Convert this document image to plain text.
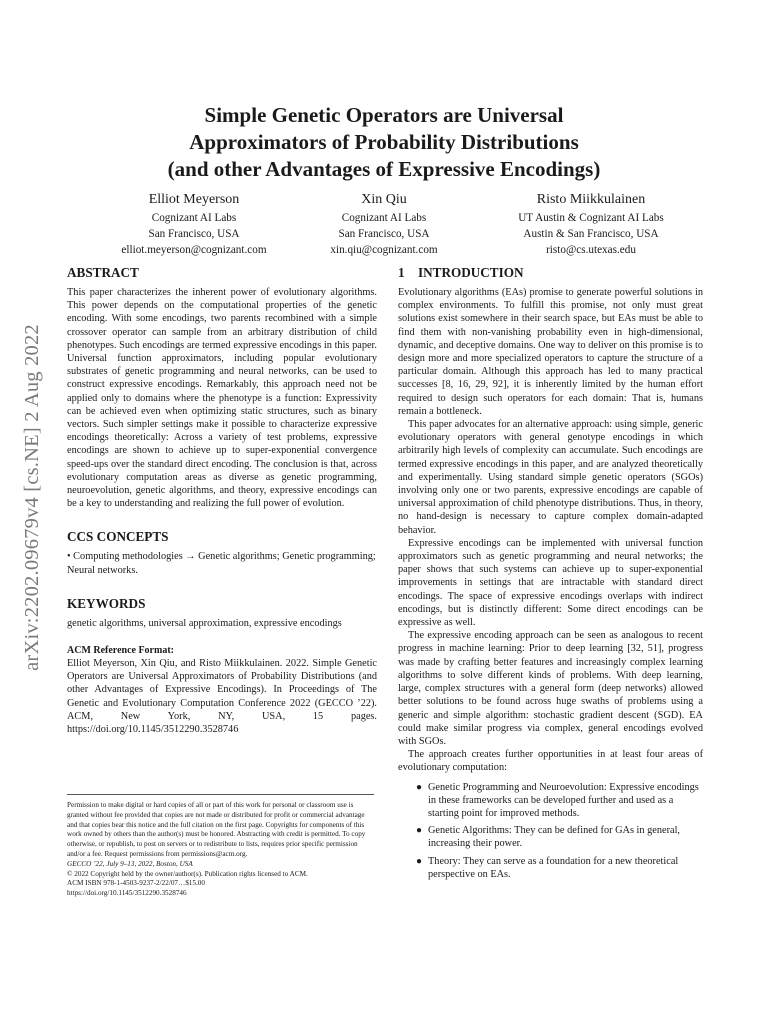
arXiv:2202.09679v4 [cs.NE] 2 Aug 2022
Simple Genetic Operators are Universal
Approximators of Probability Distributions
(and other Advantages of Expressive Encodings)
Elliot Meyerson
Cognizant AI Labs
San Francisco, USA
elliot.meyerson@cognizant.com
Xin Qiu
Cognizant AI Labs
San Francisco, USA
xin.qiu@cognizant.com
Risto Miikkulainen
UT Austin & Cognizant AI Labs
Austin & San Francisco, USA
risto@cs.utexas.edu
ABSTRACT

This paper characterizes the inherent power of evolutionary algorithms. This power depends on the computational properties of the genetic encoding. With some encodings, two parents recombined with a simple crossover operator can sample from an arbitrary distribution of child phenotypes. Such encodings are termed expressive encodings in this paper. Universal function approximators, including popular evolutionary substrates of genetic programming and neural networks, can be used to construct expressive encodings. Remarkably, this approach need not be applied only to domains where the phenotype is a function: Expressivity can be achieved even when optimizing static structures, such as binary vectors. Such simpler settings make it possible to characterize expressive encodings theoretically: Across a variety of test problems, expressive encodings are shown to achieve up to super-exponential convergence speed-ups over the standard direct encoding. The conclusion is that, across evolutionary computation areas as diverse as genetic programming, neuroevolution, genetic algorithms, and theory, expressive encodings can be a key to understanding and realizing the full power of evolution.

CCS CONCEPTS

• Computing methodologies → Genetic algorithms; Genetic programming; Neural networks.

KEYWORDS

genetic algorithms, universal approximation, expressive encodings

ACM Reference Format:

Elliot Meyerson, Xin Qiu, and Risto Miikkulainen. 2022. Simple Genetic Operators are Universal Approximators of Probability Distributions (and other Advantages of Expressive Encodings). In Proceedings of The Genetic and Evolutionary Computation Conference 2022 (GECCO ’22). ACM, New York, NY, USA, 15 pages. https://doi.org/10.1145/3512290.3528746

Permission to make digital or hard copies of all or part of this work for personal or classroom use is granted without fee provided that copies are not made or distributed for profit or commercial advantage and that copies bear this notice and the full citation on the first page. Copyrights for components of this work owned by others than the author(s) must be honored. Abstracting with credit is permitted. To copy otherwise, or republish, to post on servers or to redistribute to lists, requires prior specific permission and/or a fee. Request permissions from permissions@acm.org.

GECCO ’22, July 9–13, 2022, Boston, USA

© 2022 Copyright held by the owner/author(s). Publication rights licensed to ACM.

ACM ISBN 978-1-4503-9237-2/22/07…$15.00

https://doi.org/10.1145/3512290.3528746

1 INTRODUCTION

Evolutionary algorithms (EAs) promise to generate powerful solutions in complex environments. To fulfill this promise, not only must great solutions exist somewhere in their search space, but EAs must be able to find them with non-vanishing probability even in high-dimensional, dynamic, and deceptive domains. One way to deliver on this promise is to design more and more specialized operators to capture the structure of a particular domain. Although this approach has led to many practical successes [8, 16, 29, 92], it is inherently limited by the human effort required to design such operators for each domain: That is, humans remain a bottleneck.

This paper advocates for an alternative approach: using simple, generic evolutionary operators with general genotype encodings in which arbitrarily high levels of complexity can accumulate. Such encodings are termed expressive encodings in this paper, and are analyzed theoretically and experimentally. Using standard simple genetic operators (SGOs) involving only one or two parents, expressive encodings are capable of universal approximation of child phenotype distributions. Thus, in theory, no hand-design is necessary to capture complex domain-adapted behavior.

Expressive encodings can be implemented with universal function approximators such as genetic programming and neural networks; the paper shows that such systems can achieve up to super-exponential improvements in settings that are intractable with standard direct encodings. The space of expressive encodings overlaps with indirect encodings, but is distinctly different: Some direct encodings can be expressive as well.

The expressive encoding approach can be seen as analogous to recent progress in machine learning: Prior to deep learning [32, 51], progress was made by crafting better features and increasingly complex learning algorithms to solve different kinds of problems. With deep learning, large, complex structures with a general form (deep networks) allowed better solutions to be found across huge swaths of problems using a generic and simple algorithm: stochastic gradient descent (SGD). EA could make similar progress via complex, general encodings evolved with SGOs.

The approach creates further opportunities in at least four areas of evolutionary computation:

● Genetic Programming and Neuroevolution: Expressive encodings in these frameworks can be developed further and used as a starting point for improved methods.
● Genetic Algorithms: They can be defined for GAs in general, increasing their power.
● Theory: They can serve as a foundation for a new theoretical perspective on EAs.
